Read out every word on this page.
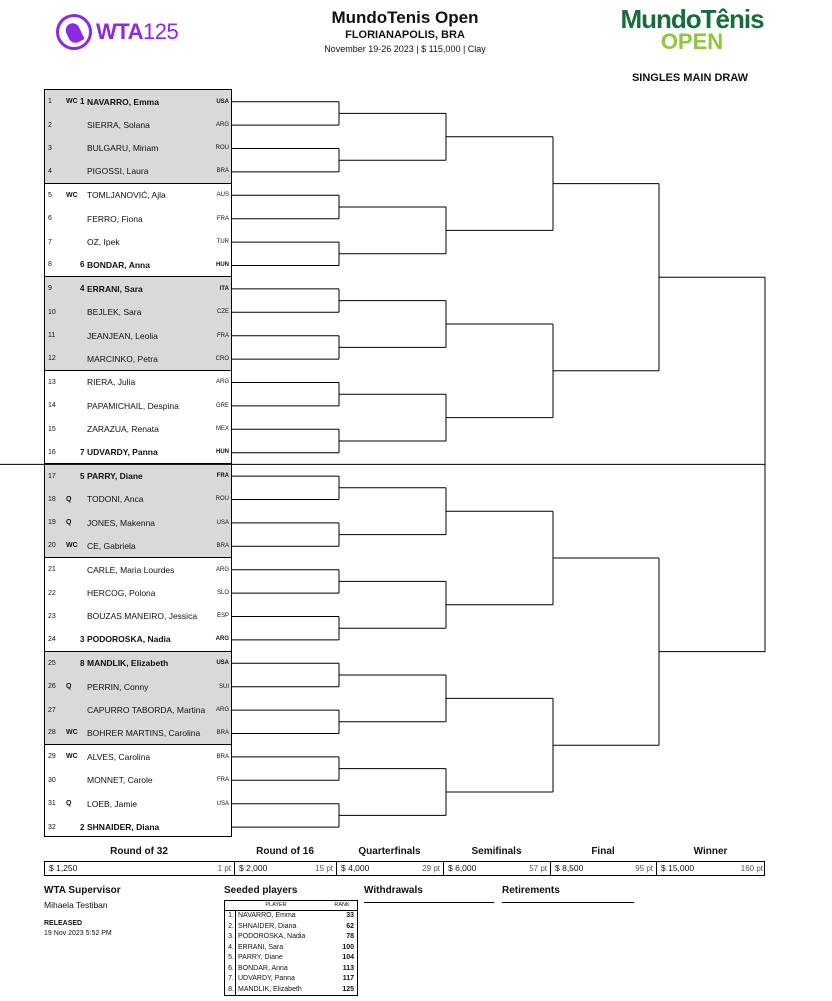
WTA125
MundoTenis Open
FLORIANAPOLIS, BRA
November 19-26 2023 | $ 115,000 | Clay
MundoTênis
OPEN
SINGLES MAIN DRAW
1	WC 1 NAVARRO, Emma	USA
2	SIERRA, Solana	ARG
3	BULGARU, Miriam	ROU
4	PIGOSSI, Laura	BRA
5	WC TOMLJANOVIĆ, Ajla	AUS
6	FERRO, Fiona	FRA
7	OZ, Ipek	TUR
8	6 BONDAR, Anna	HUN
9	4 ERRANI, Sara	ITA
10	BEJLEK, Sara	CZE
11	JEANJEAN, Leolia	FRA
12	MARCINKO, Petra	CRO
13	RIERA, Julia	ARG
14	PAPAMICHAIL, Despina	GRE
15	ZARAZUA, Renata	MEX
16	7 UDVARDY, Panna	HUN
17	5 PARRY, Diane	FRA
18	Q	TODONI, Anca	ROU
19	Q	JONES, Makenna	USA
20	WC CE, Gabriela	BRA
21	CARLE, Maria Lourdes	ARG
22	HERCOG, Polona	SLO
23	BOUZAS MANEIRO, Jessica	ESP
24	3 PODOROSKA, Nadia	ARG
25	8 MANDLIK, Elizabeth	USA
26	Q	PERRIN, Conny	SUI
27	CAPURRO TABORDA, Martina	ARG
28	WC BOHRER MARTINS, Carolina	BRA
29	WC ALVES, Carolina	BRA
30	MONNET, Carole	FRA
31	Q	LOEB, Jamie	USA
32	2 SHNAIDER, Diana
Round of 32	Round of 16	Quarterfinals	Semifinals	Final	Winner
$ 1,250	1 pt $ 2,000	15 pt $ 4,000	29 pt $ 6,000	57 pt $ 8,500	95 pt $ 15,000	160 pt
WTA Supervisor
Mihaela Testiban
RELEASED
19 Nov 2023 5:52 PM
Seeded players
PLAYER	RANK
1. NAVARRO, Emma	33
2. SHNAIDER, Diana	62
3. PODOROSKA, Nadia	78
4. ERRANI, Sara	100
5. PARRY, Diane	104
6. BONDAR, Anna	113
7. UDVARDY, Panna	117
8. MANDLIK, Elizabeth	125
Withdrawals	Retirements
